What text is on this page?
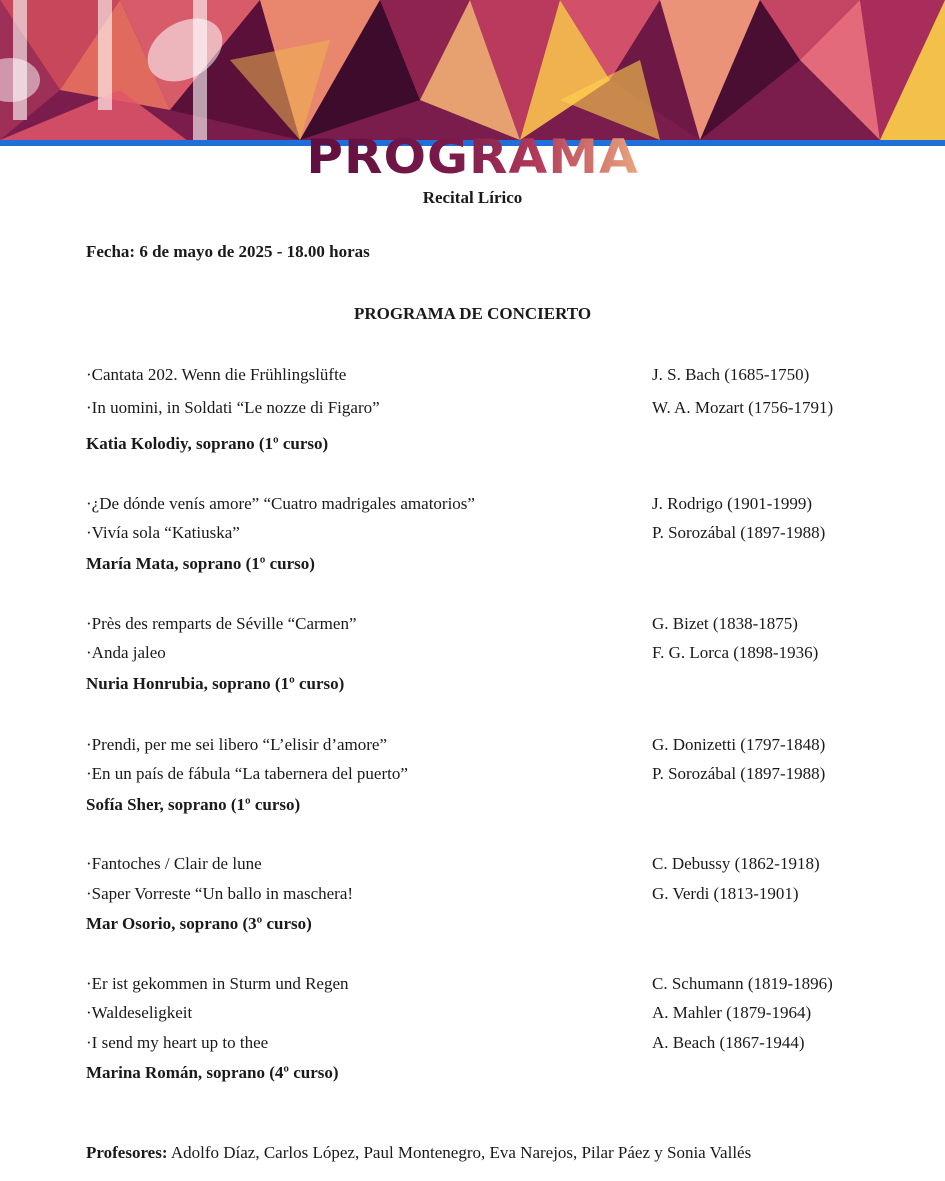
PROGRAMA
Recital Lírico
Fecha: 6 de mayo de 2025 - 18.00 horas
PROGRAMA DE CONCIERTO
·Cantata 202. Wenn die Frühlingslüfte	J. S. Bach (1685-1750)
·In uomini, in Soldati “Le nozze di Figaro”	W. A. Mozart (1756-1791)
Katia Kolodiy, soprano (1º curso)
·¿De dónde venís amore” “Cuatro madrigales amatorios”	J. Rodrigo (1901-1999)
·Vivía sola “Katiuska”	P. Sorozábal (1897-1988)
María Mata, soprano (1º curso)
·Près des remparts de Séville “Carmen”	G. Bizet (1838-1875)
·Anda jaleo	F. G. Lorca (1898-1936)
Nuria Honrubia, soprano (1º curso)
·Prendi, per me sei libero “L’elisir d’amore”	G. Donizetti (1797-1848)
·En un país de fábula “La tabernera del puerto”	P. Sorozábal (1897-1988)
Sofía Sher, soprano (1º curso)
·Fantoches / Clair de lune	C. Debussy (1862-1918)
·Saper Vorreste “Un ballo in maschera!	G. Verdi (1813-1901)
Mar Osorio, soprano (3º curso)
·Er ist gekommen in Sturm und Regen	C. Schumann (1819-1896)
·Waldeseligkeit	A. Mahler (1879-1964)
·I send my heart up to thee	A. Beach (1867-1944)
Marina Román, soprano (4º curso)
Profesores: Adolfo Díaz, Carlos López, Paul Montenegro, Eva Narejos, Pilar Páez y Sonia Vallés
